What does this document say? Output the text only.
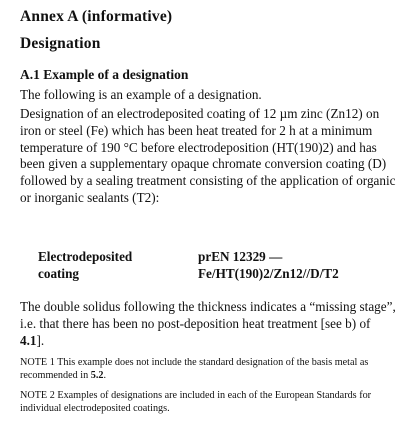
Annex A (informative)
Designation
A.1 Example of a designation

The following is an example of a designation.

Designation of an electrodeposited coating of 12 µm zinc (Zn12) on iron or steel (Fe) which has been heat treated for 2 h at a minimum temperature of 190 °C before electrodeposition (HT(190)2) and has been given a supplementary opaque chromate conversion coating (D) followed by a sealing treatment consisting of the application of organic or inorganic sealants (T2):

Electrodeposited	prEN 12329 —
coating	Fe/HT(190)2/Zn12//D/T2

The double solidus following the thickness indicates a “missing stage”, i.e. that there has been no post-deposition heat treatment [see b) of 4.1].

NOTE 1 This example does not include the standard designation of the basis metal as recommended in 5.2.

NOTE 2 Examples of designations are included in each of the European Standards for individual electrodeposited coatings.
